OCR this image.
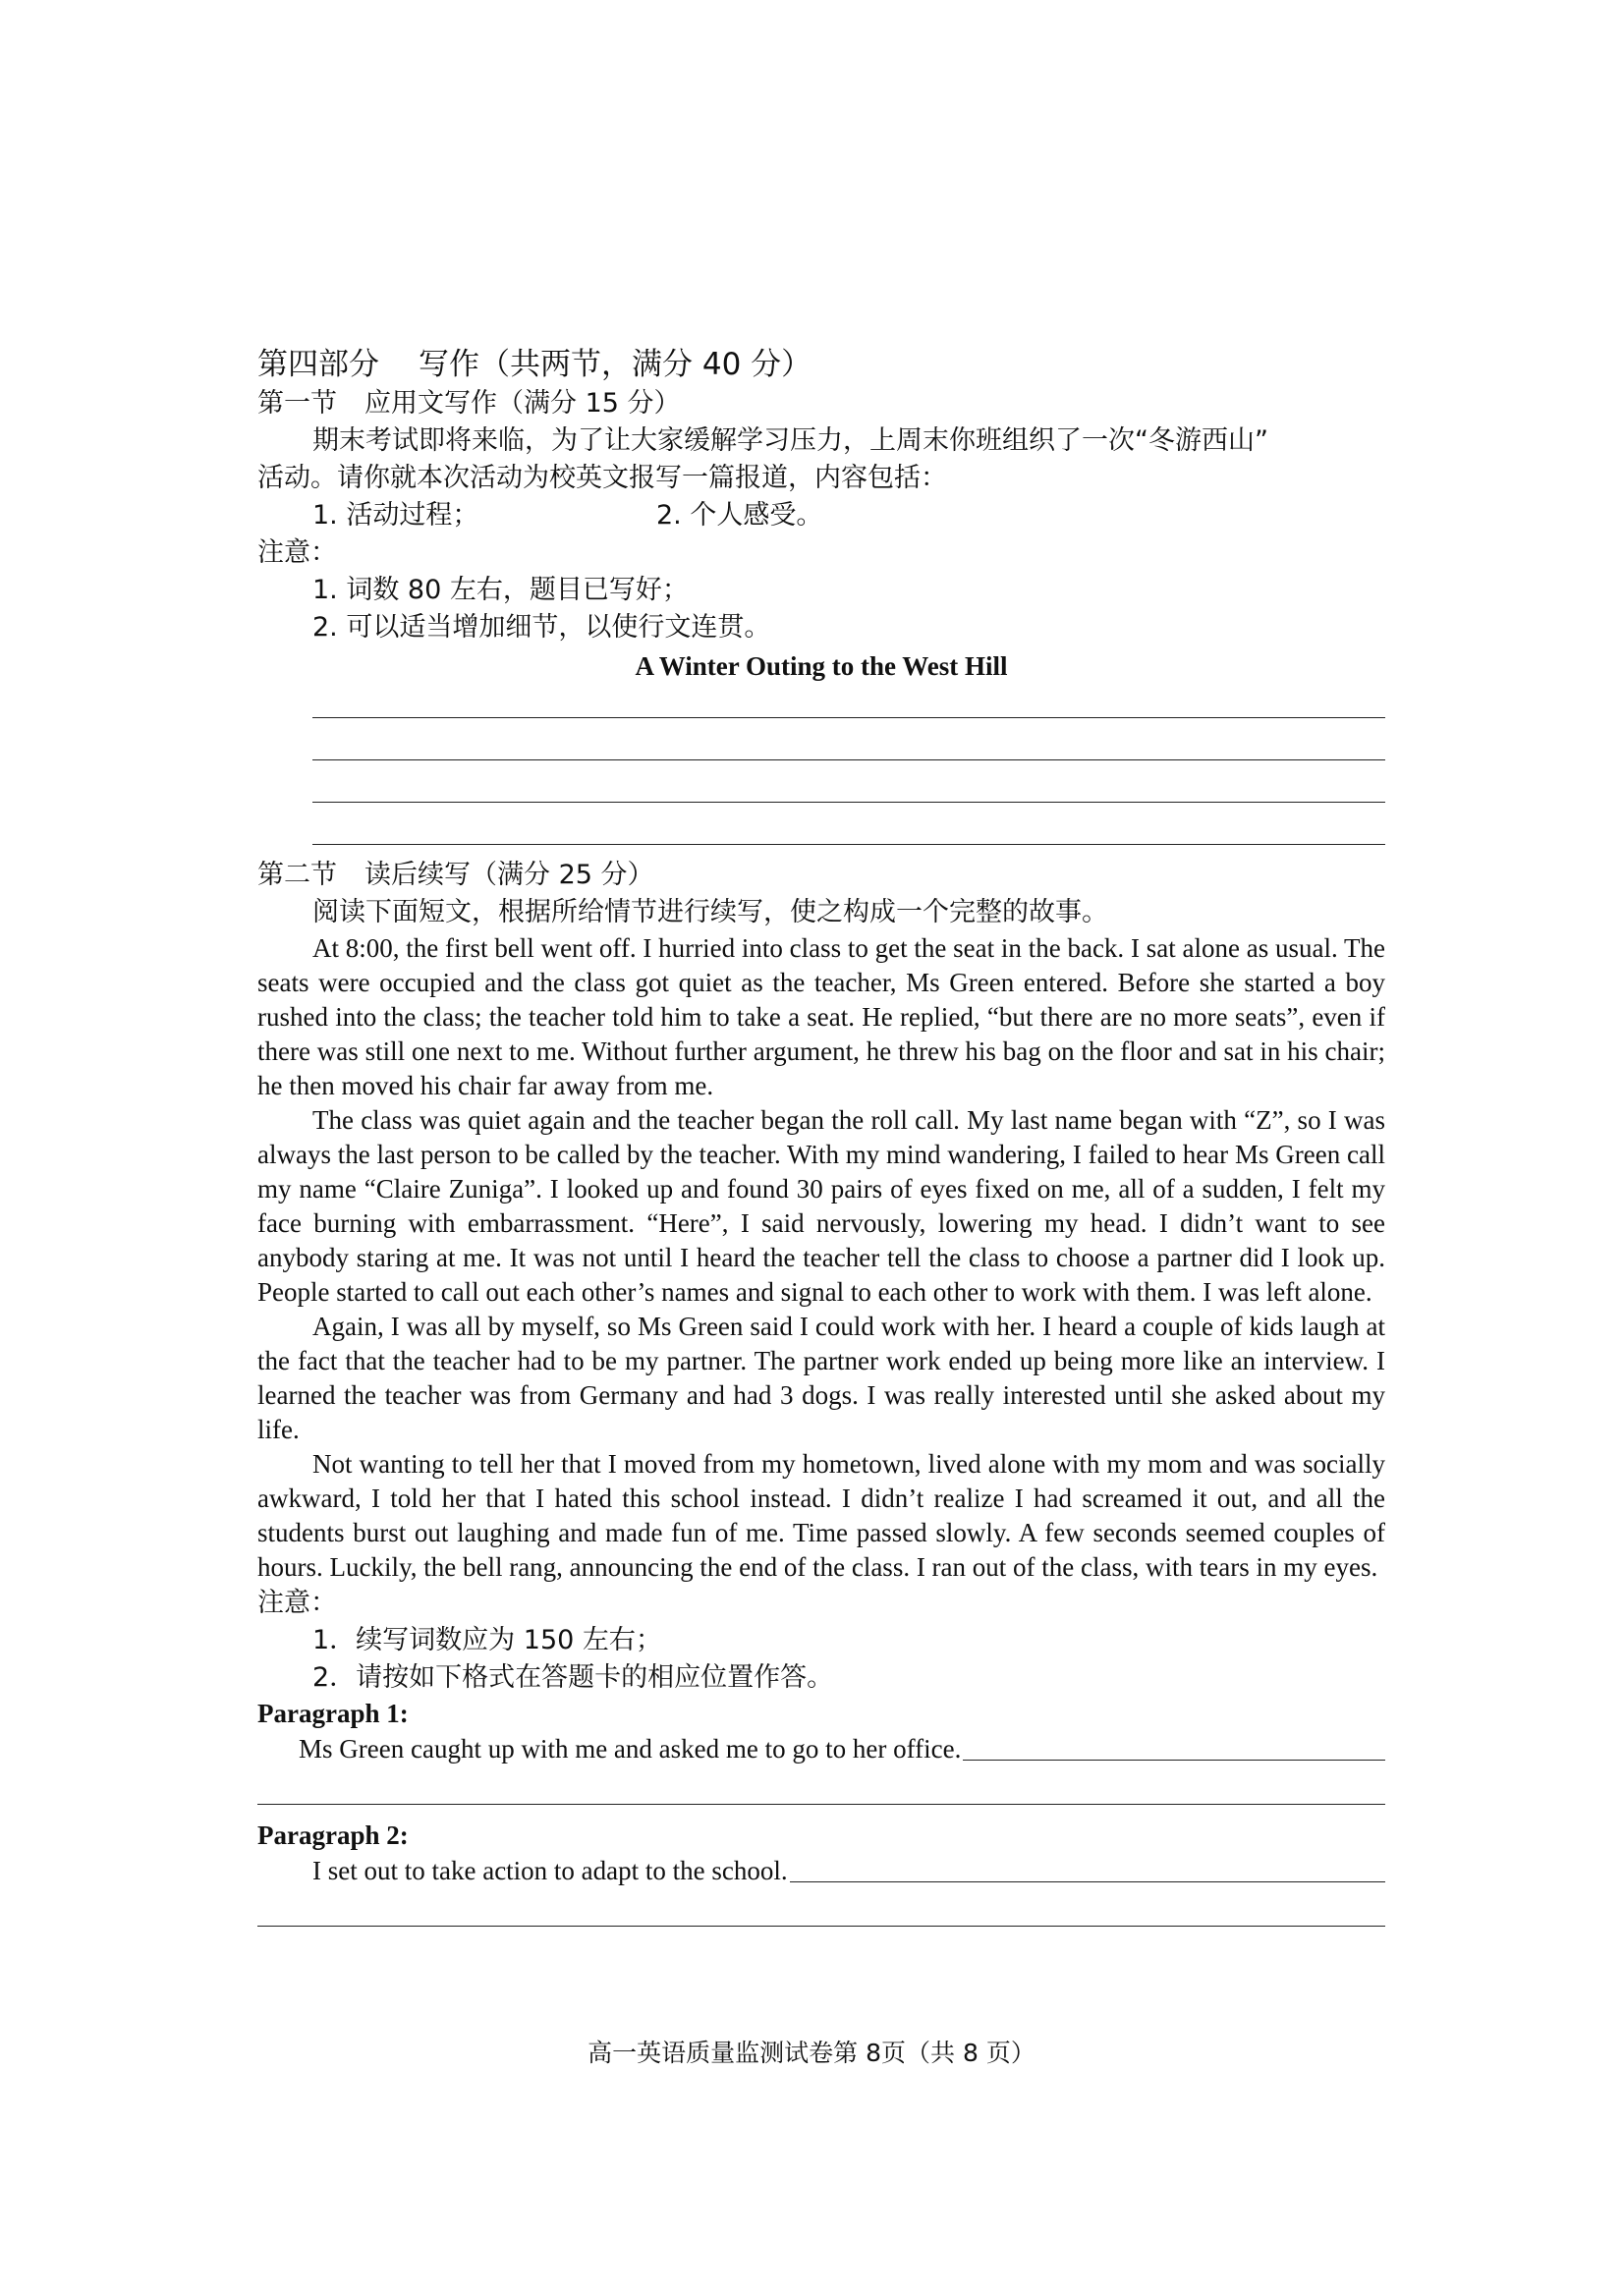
第四部分 写作（共两节，满分 40 分）

第一节 应用文写作（满分 15 分）

期末考试即将来临，为了让大家缓解学习压力，上周末你班组织了一次“冬游西山”

活动。请你就本次活动为校英文报写一篇报道，内容包括：

1. 活动过程；	2. 个人感受。

注意：

1. 词数 80 左右，题目已写好；

2. 可以适当增加细节，以使行文连贯。

A Winter Outing to the West Hill

第二节 读后续写（满分 25 分）

阅读下面短文，根据所给情节进行续写，使之构成一个完整的故事。

At 8:00, the first bell went off. I hurried into class to get the seat in the back. I sat alone as usual. The seats were occupied and the class got quiet as the teacher, Ms Green entered. Before she started a boy rushed into the class; the teacher told him to take a seat. He replied, “but there are no more seats”, even if there was still one next to me. Without further argument, he threw his bag on the floor and sat in his chair; he then moved his chair far away from me.

The class was quiet again and the teacher began the roll call. My last name began with “Z”, so I was always the last person to be called by the teacher. With my mind wandering, I failed to hear Ms Green call my name “Claire Zuniga”. I looked up and found 30 pairs of eyes fixed on me, all of a sudden, I felt my face burning with embarrassment. “Here”, I said nervously, lowering my head. I didn’t want to see anybody staring at me. It was not until I heard the teacher tell the class to choose a partner did I look up. People started to call out each other’s names and signal to each other to work with them. I was left alone.

Again, I was all by myself, so Ms Green said I could work with her. I heard a couple of kids laugh at the fact that the teacher had to be my partner. The partner work ended up being more like an interview. I learned the teacher was from Germany and had 3 dogs. I was really interested until she asked about my life.

Not wanting to tell her that I moved from my hometown, lived alone with my mom and was socially awkward, I told her that I hated this school instead. I didn’t realize I had screamed it out, and all the students burst out laughing and made fun of me. Time passed slowly. A few seconds seemed couples of hours. Luckily, the bell rang, announcing the end of the class. I ran out of the class, with tears in my eyes.

注意：

1．续写词数应为 150 左右；

2．请按如下格式在答题卡的相应位置作答。

Paragraph 1:

Ms Green caught up with me and asked me to go to her office.

Paragraph 2:

I set out to take action to adapt to the school.
高一英语质量监测试卷第 8页（共 8 页）
